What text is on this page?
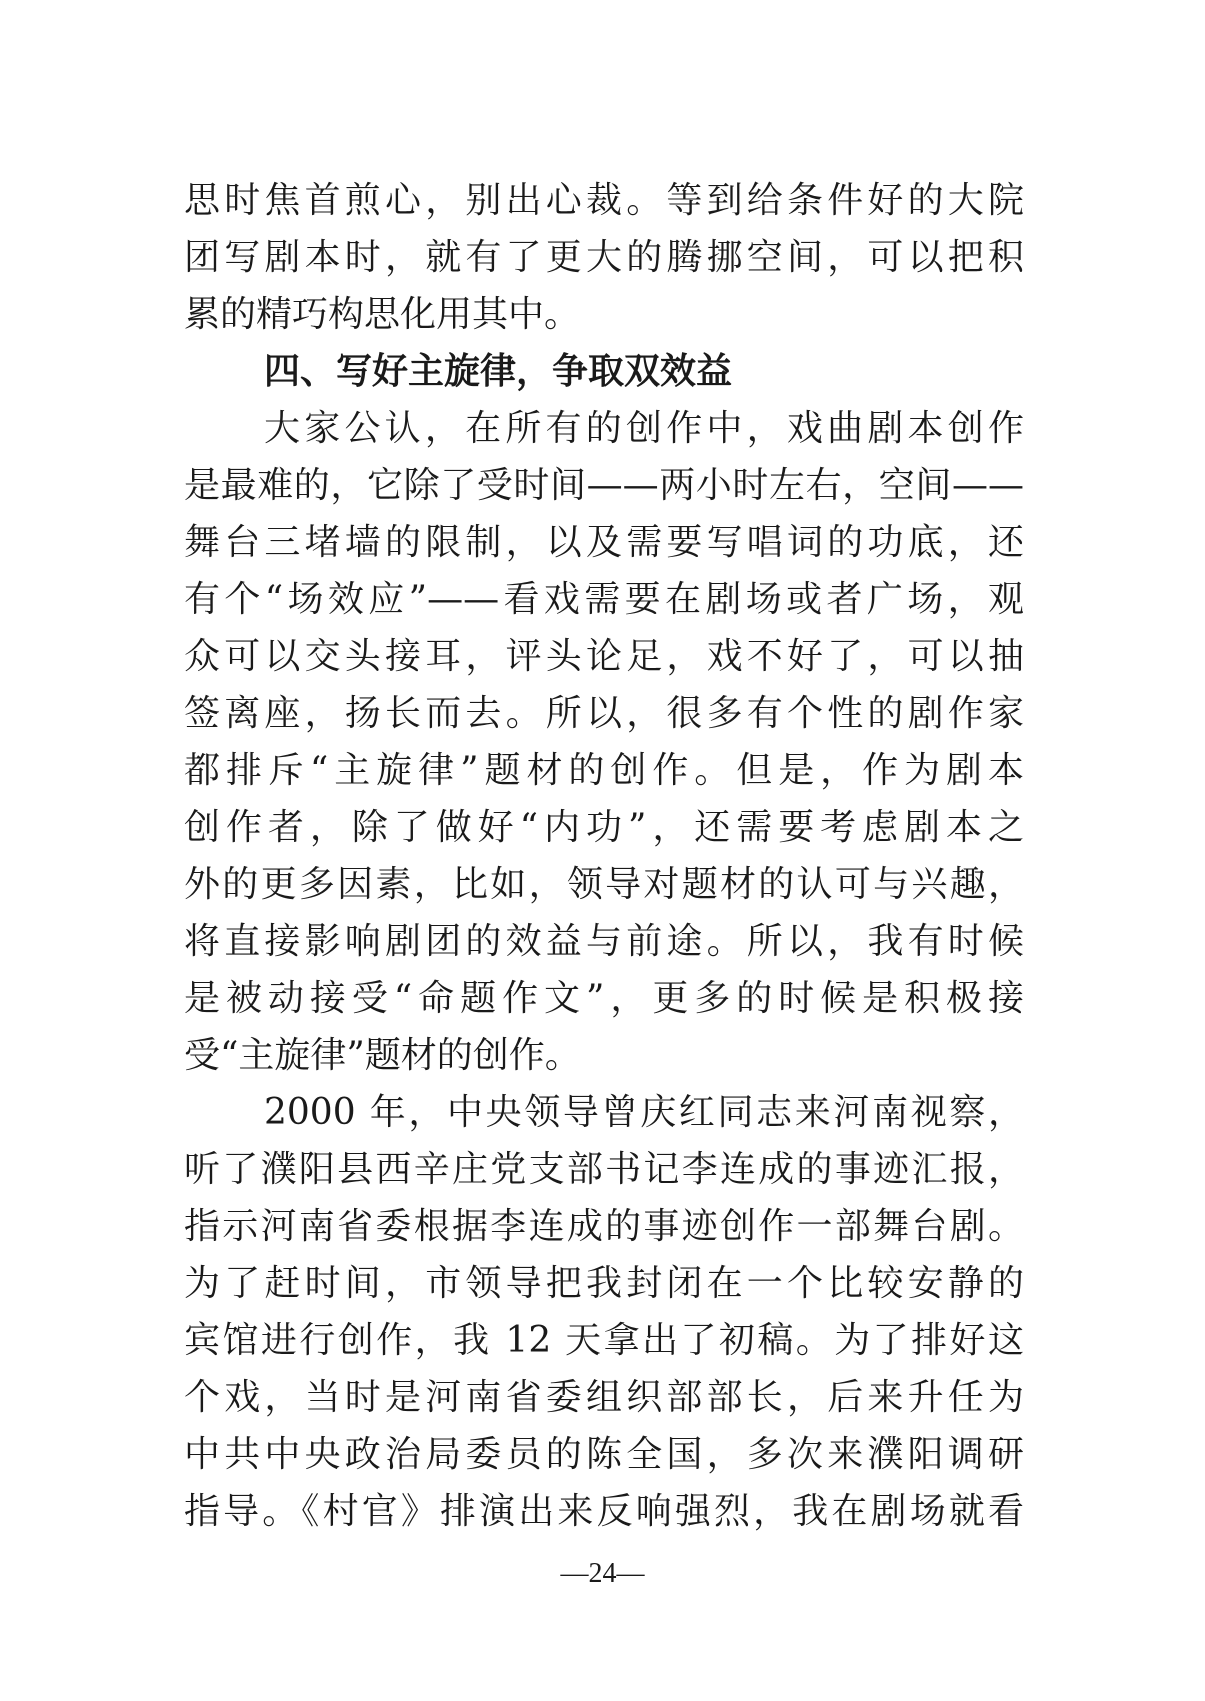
思时焦首煎心，别出心裁。等到给条件好的大院
团写剧本时，就有了更大的腾挪空间，可以把积
累的精巧构思化用其中。
四、写好主旋律，争取双效益
大家公认，在所有的创作中，戏曲剧本创作
是最难的，它除了受时间——两小时左右，空间——
舞台三堵墙的限制，以及需要写唱词的功底，还
有个“场效应”——看戏需要在剧场或者广场，观
众可以交头接耳，评头论足，戏不好了，可以抽
签离座，扬长而去。所以，很多有个性的剧作家
都排斥“主旋律”题材的创作。但是，作为剧本
创作者，除了做好“内功”，还需要考虑剧本之
外的更多因素，比如，领导对题材的认可与兴趣，
将直接影响剧团的效益与前途。所以，我有时候
是被动接受“命题作文”，更多的时候是积极接
受“主旋律”题材的创作。
2000 年，中央领导曾庆红同志来河南视察，
听了濮阳县西辛庄党支部书记李连成的事迹汇报，
指示河南省委根据李连成的事迹创作一部舞台剧。
为了赶时间，市领导把我封闭在一个比较安静的
宾馆进行创作，我 12 天拿出了初稿。为了排好这
个戏，当时是河南省委组织部部长，后来升任为
中共中央政治局委员的陈全国，多次来濮阳调研
指导。《村官》排演出来反响强烈，我在剧场就看
—24—
